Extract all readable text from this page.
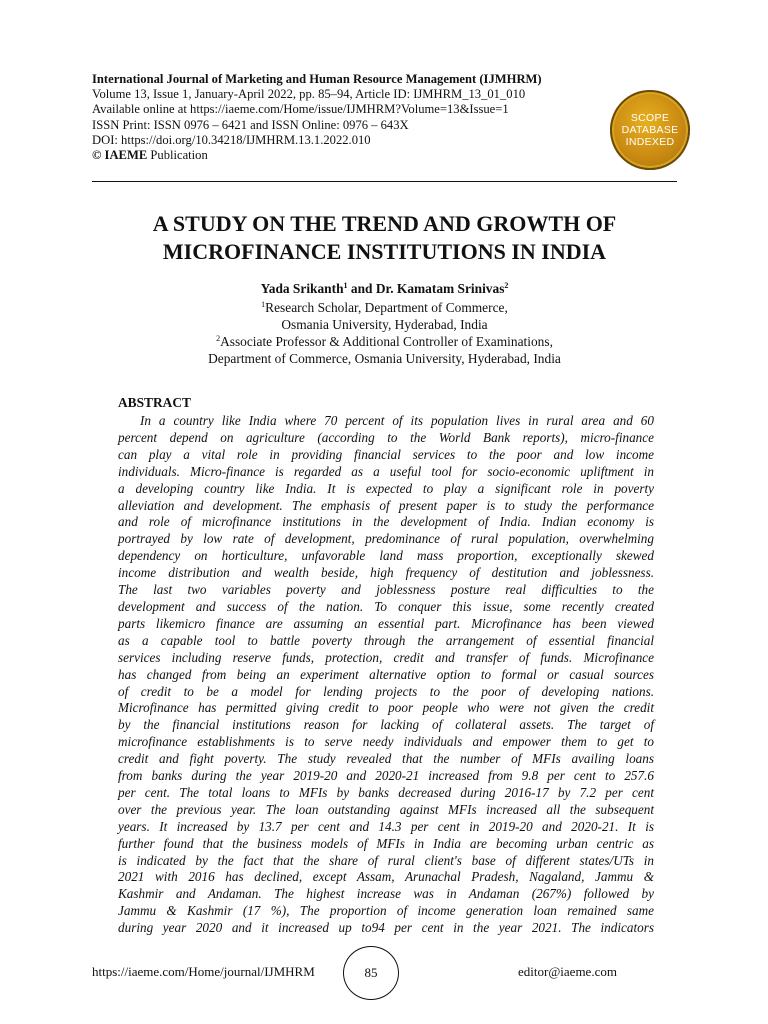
International Journal of Marketing and Human Resource Management (IJMHRM)
Volume 13, Issue 1, January-April 2022, pp. 85–94, Article ID: IJMHRM_13_01_010
Available online at https://iaeme.com/Home/issue/IJMHRM?Volume=13&Issue=1
ISSN Print: ISSN 0976 – 6421 and ISSN Online: 0976 – 643X
DOI: https://doi.org/10.34218/IJMHRM.13.1.2022.010
© IAEME Publication
SCOPE
DATABASE
INDEXED
A STUDY ON THE TREND AND GROWTH OF
MICROFINANCE INSTITUTIONS IN INDIA
Yada Srikanth$^1$ and Dr. Kamatam Srinivas$^2$
$^1$Research Scholar, Department of Commerce,
Osmania University, Hyderabad, India
$^2$Associate Professor & Additional Controller of Examinations,
Department of Commerce, Osmania University, Hyderabad, India
ABSTRACT
In a country like India where 70 percent of its population lives in rural area and 60
percent depend on agriculture (according to the World Bank reports), micro-finance
can play a vital role in providing financial services to the poor and low income
individuals. Micro-finance is regarded as a useful tool for socio-economic upliftment in
a developing country like India. It is expected to play a significant role in poverty
alleviation and development. The emphasis of present paper is to study the performance
and role of microfinance institutions in the development of India. Indian economy is
portrayed by low rate of development, predominance of rural population, overwhelming
dependency on horticulture, unfavorable land mass proportion, exceptionally skewed
income distribution and wealth beside, high frequency of destitution and joblessness.
The last two variables poverty and joblessness posture real difficulties to the
development and success of the nation. To conquer this issue, some recently created
parts likemicro finance are assuming an essential part. Microfinance has been viewed
as a capable tool to battle poverty through the arrangement of essential financial
services including reserve funds, protection, credit and transfer of funds. Microfinance
has changed from being an experiment alternative option to formal or casual sources
of credit to be a model for lending projects to the poor of developing nations.
Microfinance has permitted giving credit to poor people who were not given the credit
by the financial institutions reason for lacking of collateral assets. The target of
microfinance establishments is to serve needy individuals and empower them to get to
credit and fight poverty. The study revealed that the number of MFIs availing loans
from banks during the year 2019-20 and 2020-21 increased from 9.8 per cent to 257.6
per cent. The total loans to MFIs by banks decreased during 2016-17 by 7.2 per cent
over the previous year. The loan outstanding against MFIs increased all the subsequent
years. It increased by 13.7 per cent and 14.3 per cent in 2019-20 and 2020-21. It is
further found that the business models of MFIs in India are becoming urban centric as
is indicated by the fact that the share of rural client's base of different states/UTs in
2021 with 2016 has declined, except Assam, Arunachal Pradesh, Nagaland, Jammu &
Kashmir and Andaman. The highest increase was in Andaman (267%) followed by
Jammu & Kashmir (17 %), The proportion of income generation loan remained same
during year 2020 and it increased up to94 per cent in the year 2021. The indicators
https://iaeme.com/Home/journal/IJMHRM	85	editor@iaeme.com
